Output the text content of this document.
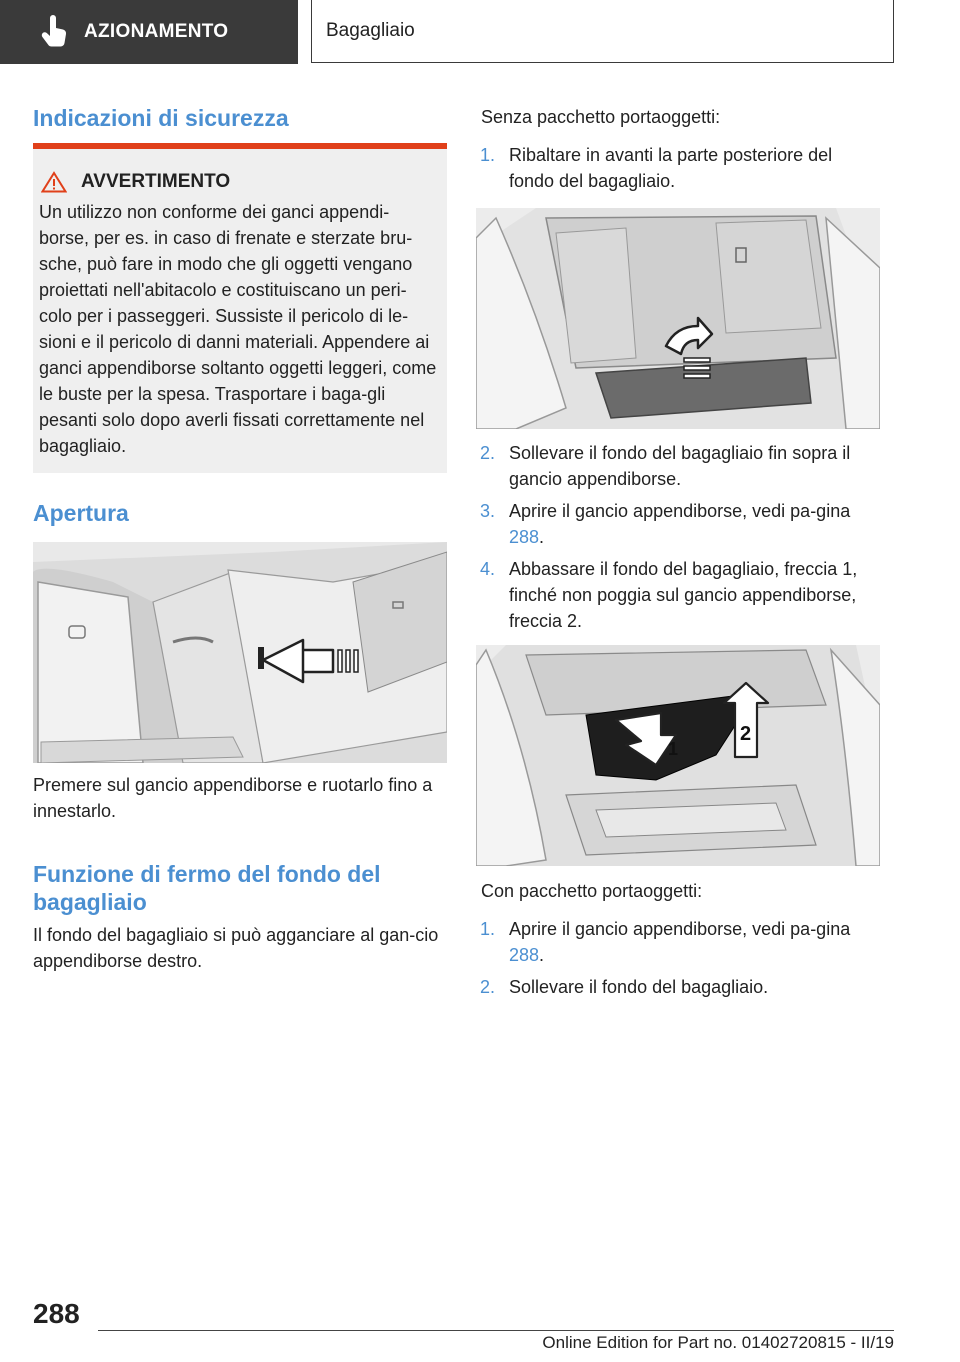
AZIONAMENTO	Bagagliaio
Indicazioni di sicurezza
AVVERTIMENTO
Un utilizzo non conforme dei ganci appendi-borse, per es. in caso di frenate e sterzate bru-sche, può fare in modo che gli oggetti vengano proiettati nell'abitacolo e costituiscano un peri-colo per i passeggeri. Sussiste il pericolo di le-sioni e il pericolo di danni materiali. Appendere ai ganci appendiborse soltanto oggetti leggeri, come le buste per la spesa. Trasportare i baga-gli pesanti solo dopo averli fissati correttamente nel bagagliaio.
Apertura
Premere sul gancio appendiborse e ruotarlo fino a innestarlo.
Funzione di fermo del fondo del bagagliaio
Il fondo del bagagliaio si può agganciare al gan-cio appendiborse destro.
Senza pacchetto portaoggetti:
1. Ribaltare in avanti la parte posteriore del fondo del bagagliaio.
2. Sollevare il fondo del bagagliaio fin sopra il gancio appendiborse.
3. Aprire il gancio appendiborse, vedi pa-gina 288.
4. Abbassare il fondo del bagagliaio, freccia 1, finché non poggia sul gancio appendiborse, freccia 2.
1
2
Con pacchetto portaoggetti:
1. Aprire il gancio appendiborse, vedi pa-gina 288.
2. Sollevare il fondo del bagagliaio.
288
Online Edition for Part no. 01402720815 - II/19
